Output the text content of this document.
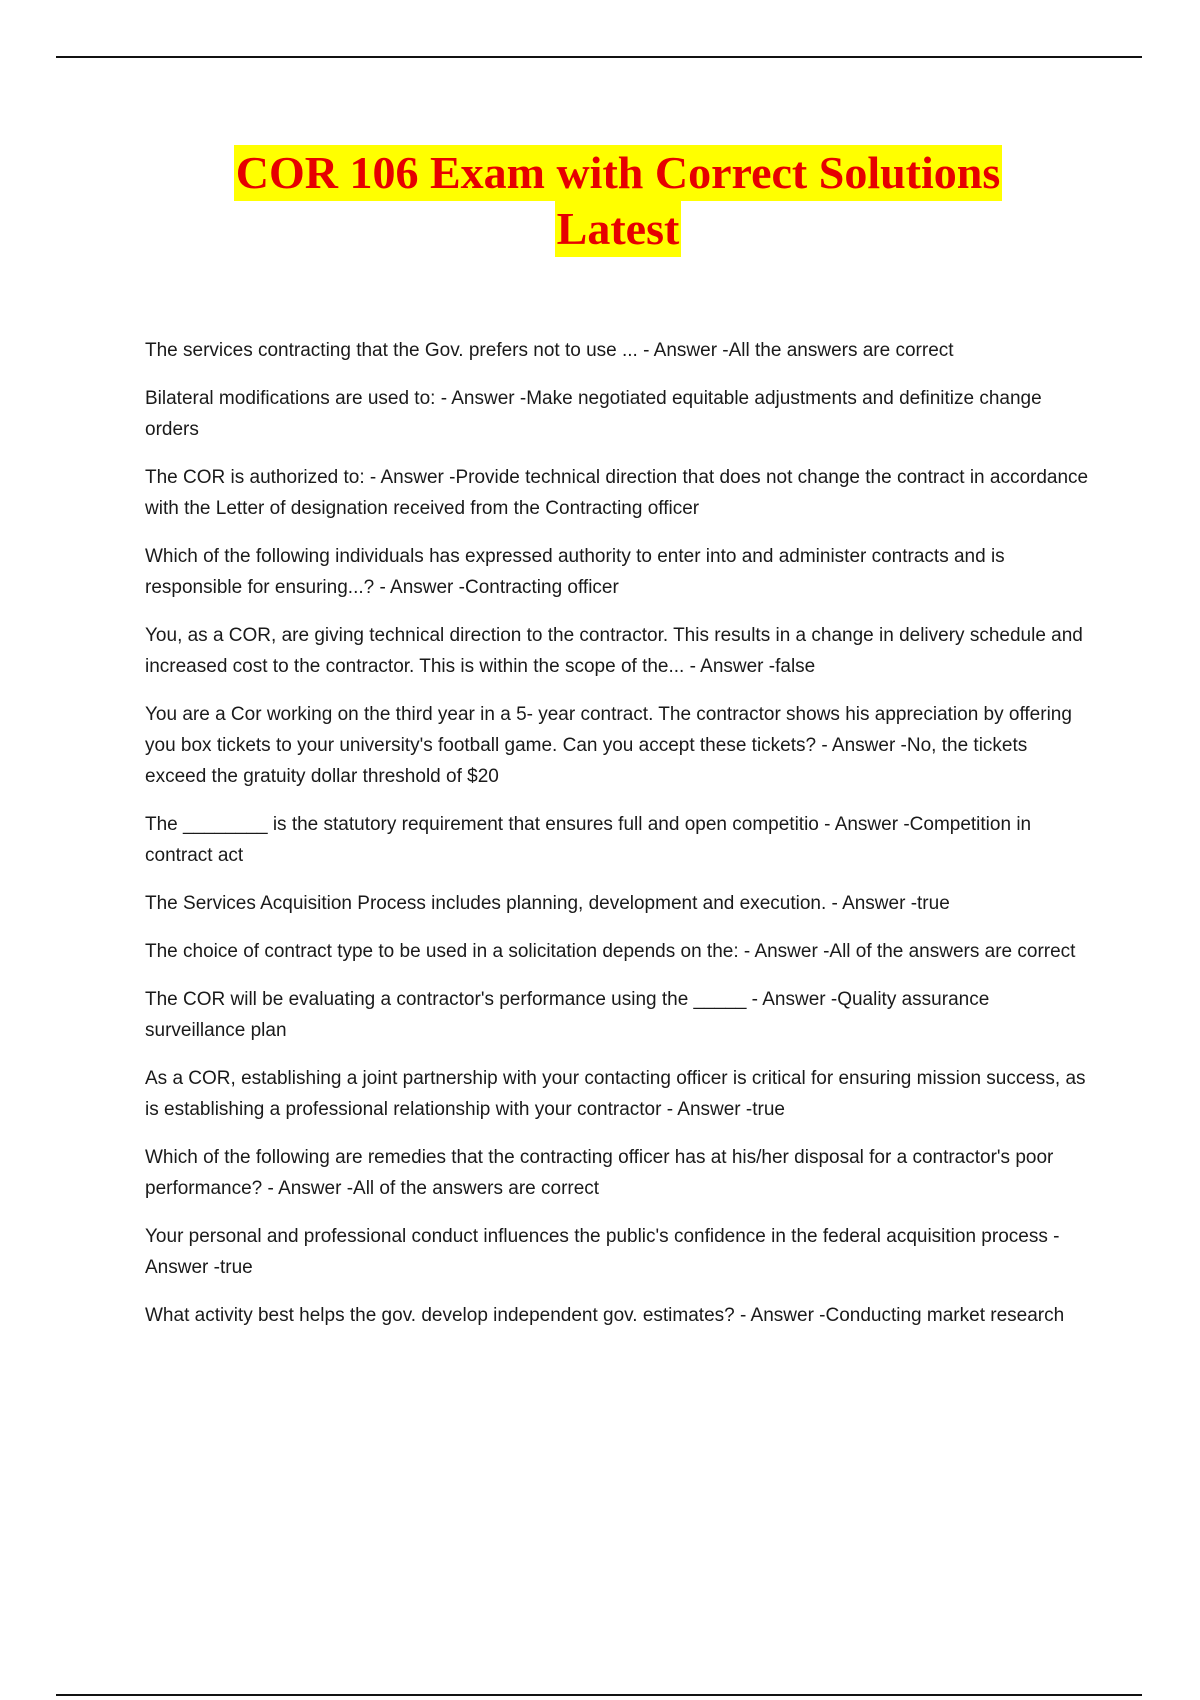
COR 106 Exam with Correct Solutions
Latest
The services contracting that the Gov. prefers not to use ... - Answer -All the answers are correct
Bilateral modifications are used to: - Answer -Make negotiated equitable adjustments and definitize change orders
The COR is authorized to: - Answer -Provide technical direction that does not change the contract in accordance with the Letter of designation received from the Contracting officer
Which of the following individuals has expressed authority to enter into and administer contracts and is responsible for ensuring...? - Answer -Contracting officer
You, as a COR, are giving technical direction to the contractor. This results in a change in delivery schedule and increased cost to the contractor. This is within the scope of the... - Answer -false
You are a Cor working on the third year in a 5- year contract. The contractor shows his appreciation by offering you box tickets to your university's football game. Can you accept these tickets? - Answer -No, the tickets exceed the gratuity dollar threshold of $20
The ________ is the statutory requirement that ensures full and open competitio - Answer -Competition in contract act
The Services Acquisition Process includes planning, development and execution. - Answer -true
The choice of contract type to be used in a solicitation depends on the: - Answer -All of the answers are correct
The COR will be evaluating a contractor's performance using the _____ - Answer -Quality assurance surveillance plan
As a COR, establishing a joint partnership with your contacting officer is critical for ensuring mission success, as is establishing a professional relationship with your contractor - Answer -true
Which of the following are remedies that the contracting officer has at his/her disposal for a contractor's poor performance? - Answer -All of the answers are correct
Your personal and professional conduct influences the public's confidence in the federal acquisition process - Answer -true
What activity best helps the gov. develop independent gov. estimates? - Answer -Conducting market research
